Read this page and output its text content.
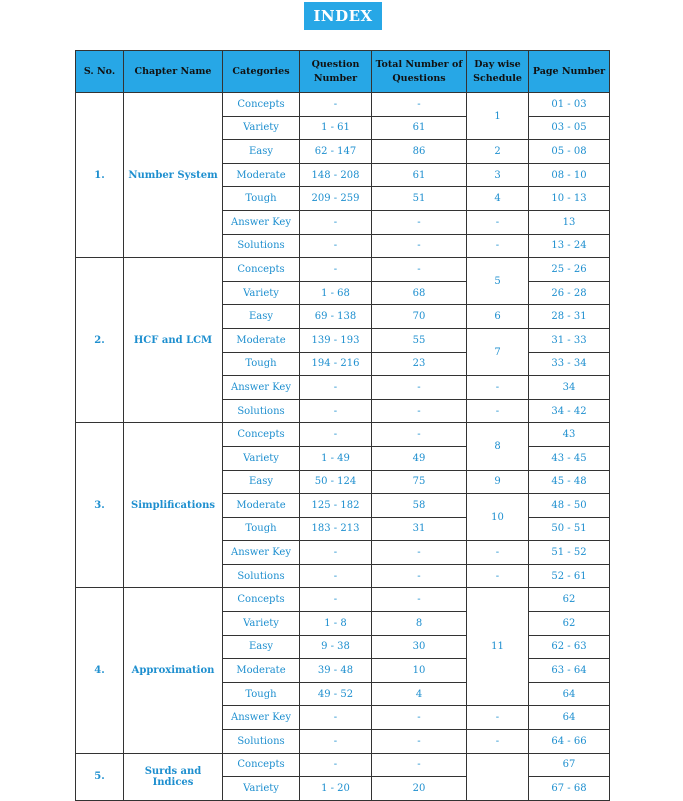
INDEX
S. No.	Chapter Name	Categories	Question Number	Total Number of Questions	Day wise Schedule	Page Number
1.	Number System	Concepts	-	-	1	01 - 03
		Variety	1 - 61	61		03 - 05
		Easy	62 - 147	86	2	05 - 08
		Moderate	148 - 208	61	3	08 - 10
		Tough	209 - 259	51	4	10 - 13
		Answer Key	-	-	-	13
		Solutions	-	-	-	13 - 24
2.	HCF and LCM	Concepts	-	-	5	25 - 26
		Variety	1 - 68	68		26 - 28
		Easy	69 - 138	70	6	28 - 31
		Moderate	139 - 193	55	7	31 - 33
		Tough	194 - 216	23		33 - 34
		Answer Key	-	-	-	34
		Solutions	-	-	-	34 - 42
3.	Simplifications	Concepts	-	-	8	43
		Variety	1 - 49	49		43 - 45
		Easy	50 - 124	75	9	45 - 48
		Moderate	125 - 182	58	10	48 - 50
		Tough	183 - 213	31		50 - 51
		Answer Key	-	-	-	51 - 52
		Solutions	-	-	-	52 - 61
4.	Approximation	Concepts	-	-	11	62
		Variety	1 - 8	8		62
		Easy	9 - 38	30		62 - 63
		Moderate	39 - 48	10		63 - 64
		Tough	49 - 52	4		64
		Answer Key	-	-	-	64
		Solutions	-	-	-	64 - 66
5.	Surds and Indices	Concepts	-	-		67
		Variety	1 - 20	20		67 - 68
